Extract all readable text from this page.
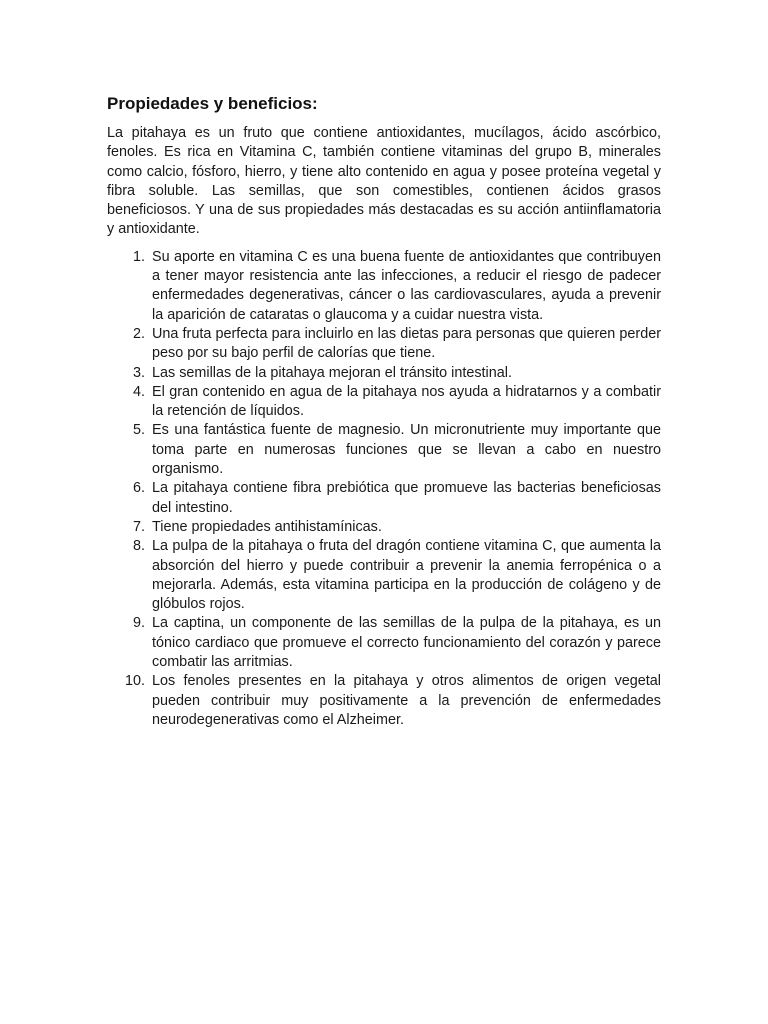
Propiedades y beneficios:

La pitahaya es un fruto que contiene antioxidantes, mucílagos, ácido ascórbico, fenoles. Es rica en Vitamina C, también contiene vitaminas del grupo B, minerales como calcio, fósforo, hierro, y tiene alto contenido en agua y posee proteína vegetal y fibra soluble. Las semillas, que son comestibles, contienen ácidos grasos beneficiosos. Y una de sus propiedades más destacadas es su acción antiinflamatoria y antioxidante.

1. Su aporte en vitamina C es una buena fuente de antioxidantes que contribuyen a tener mayor resistencia ante las infecciones, a reducir el riesgo de padecer enfermedades degenerativas, cáncer o las cardiovasculares, ayuda a prevenir la aparición de cataratas o glaucoma y a cuidar nuestra vista.
2. Una fruta perfecta para incluirlo en las dietas para personas que quieren perder peso por su bajo perfil de calorías que tiene.
3. Las semillas de la pitahaya mejoran el tránsito intestinal.
4. El gran contenido en agua de la pitahaya nos ayuda a hidratarnos y a combatir la retención de líquidos.
5. Es una fantástica fuente de magnesio. Un micronutriente muy importante que toma parte en numerosas funciones que se llevan a cabo en nuestro organismo.
6. La pitahaya contiene fibra prebiótica que promueve las bacterias beneficiosas del intestino.
7. Tiene propiedades antihistamínicas.
8. La pulpa de la pitahaya o fruta del dragón contiene vitamina C, que aumenta la absorción del hierro y puede contribuir a prevenir la anemia ferropénica o a mejorarla. Además, esta vitamina participa en la producción de colágeno y de glóbulos rojos.
9. La captina, un componente de las semillas de la pulpa de la pitahaya, es un tónico cardiaco que promueve el correcto funcionamiento del corazón y parece combatir las arritmias.
10. Los fenoles presentes en la pitahaya y otros alimentos de origen vegetal pueden contribuir muy positivamente a la prevención de enfermedades neurodegenerativas como el Alzheimer.
